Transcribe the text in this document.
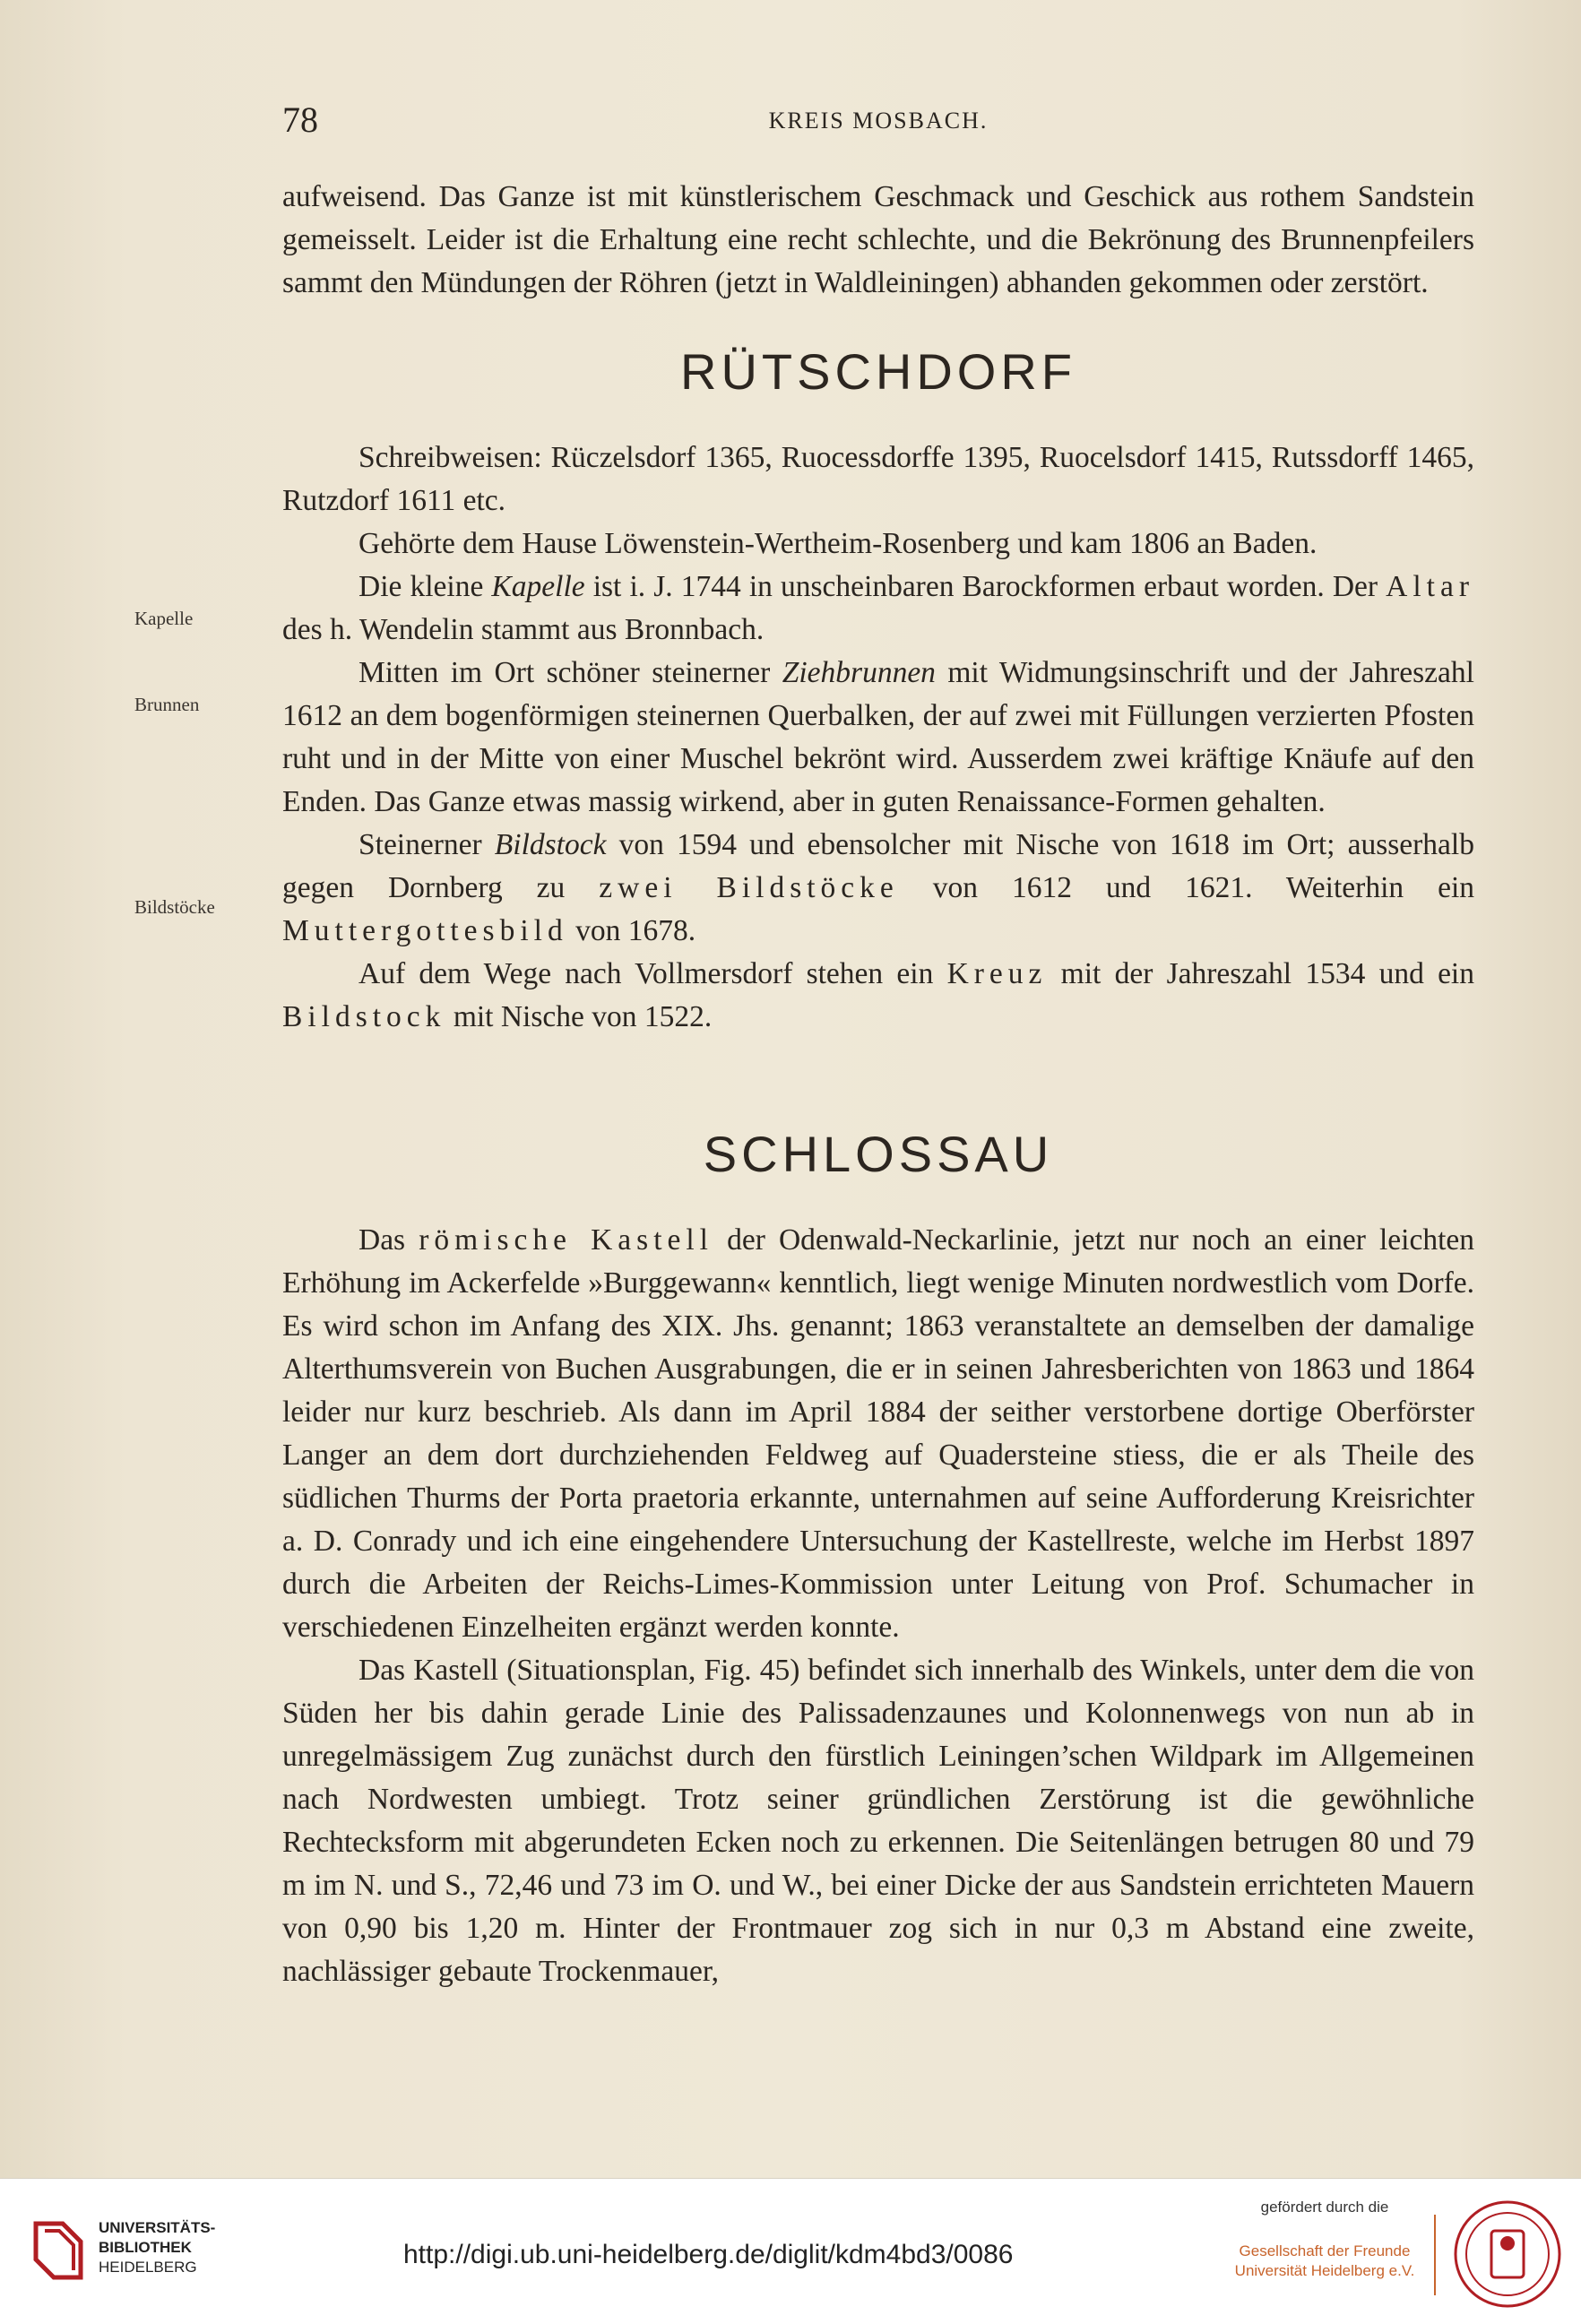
78	KREIS MOSBACH.
Kapelle
Brunnen
Bildstöcke

aufweisend. Das Ganze ist mit künstlerischem Geschmack und Geschick aus rothem Sandstein gemeisselt. Leider ist die Erhaltung eine recht schlechte, und die Bekrönung des Brunnenpfeilers sammt den Mündungen der Röhren (jetzt in Waldleiningen) abhanden gekommen oder zerstört.

RÜTSCHDORF

Schreibweisen: Rüczelsdorf 1365, Ruocessdorffe 1395, Ruocelsdorf 1415, Rutssdorff 1465, Rutzdorf 1611 etc.

Gehörte dem Hause Löwenstein-Wertheim-Rosenberg und kam 1806 an Baden.

Die kleine Kapelle ist i. J. 1744 in unscheinbaren Barockformen erbaut worden. Der Altar des h. Wendelin stammt aus Bronnbach.

Mitten im Ort schöner steinerner Ziehbrunnen mit Widmungsinschrift und der Jahreszahl 1612 an dem bogenförmigen steinernen Querbalken, der auf zwei mit Füllungen verzierten Pfosten ruht und in der Mitte von einer Muschel bekrönt wird. Ausserdem zwei kräftige Knäufe auf den Enden. Das Ganze etwas massig wirkend, aber in guten Renaissance-Formen gehalten.

Steinerner Bildstock von 1594 und ebensolcher mit Nische von 1618 im Ort; ausserhalb gegen Dornberg zu zwei Bildstöcke von 1612 und 1621. Weiterhin ein Muttergottesbild von 1678.

Auf dem Wege nach Vollmersdorf stehen ein Kreuz mit der Jahreszahl 1534 und ein Bildstock mit Nische von 1522.

SCHLOSSAU

Das römische Kastell der Odenwald-Neckarlinie, jetzt nur noch an einer leichten Erhöhung im Ackerfelde »Burggewann« kenntlich, liegt wenige Minuten nordwestlich vom Dorfe. Es wird schon im Anfang des XIX. Jhs. genannt; 1863 veranstaltete an demselben der damalige Alterthumsverein von Buchen Ausgrabungen, die er in seinen Jahresberichten von 1863 und 1864 leider nur kurz beschrieb. Als dann im April 1884 der seither verstorbene dortige Oberförster Langer an dem dort durchziehenden Feldweg auf Quadersteine stiess, die er als Theile des südlichen Thurms der Porta praetoria erkannte, unternahmen auf seine Aufforderung Kreisrichter a. D. Conrady und ich eine eingehendere Untersuchung der Kastellreste, welche im Herbst 1897 durch die Arbeiten der Reichs-Limes-Kommission unter Leitung von Prof. Schumacher in verschiedenen Einzelheiten ergänzt werden konnte.

Das Kastell (Situationsplan, Fig. 45) befindet sich innerhalb des Winkels, unter dem die von Süden her bis dahin gerade Linie des Palissadenzaunes und Kolonnenwegs von nun ab in unregelmässigem Zug zunächst durch den fürstlich Leiningen’schen Wildpark im Allgemeinen nach Nordwesten umbiegt. Trotz seiner gründlichen Zerstörung ist die gewöhnliche Rechtecksform mit abgerundeten Ecken noch zu erkennen. Die Seitenlängen betrugen 80 und 79 m im N. und S., 72,46 und 73 im O. und W., bei einer Dicke der aus Sandstein errichteten Mauern von 0,90 bis 1,20 m. Hinter der Frontmauer zog sich in nur 0,3 m Abstand eine zweite, nachlässiger gebaute Trockenmauer,

UNIVERSITÄTS-
BIBLIOTHEK
HEIDELBERG	http://digi.ub.uni-heidelberg.de/diglit/kdm4bd3/0086
gefördert durch die
Gesellschaft der Freunde
Universität Heidelberg e.V.
